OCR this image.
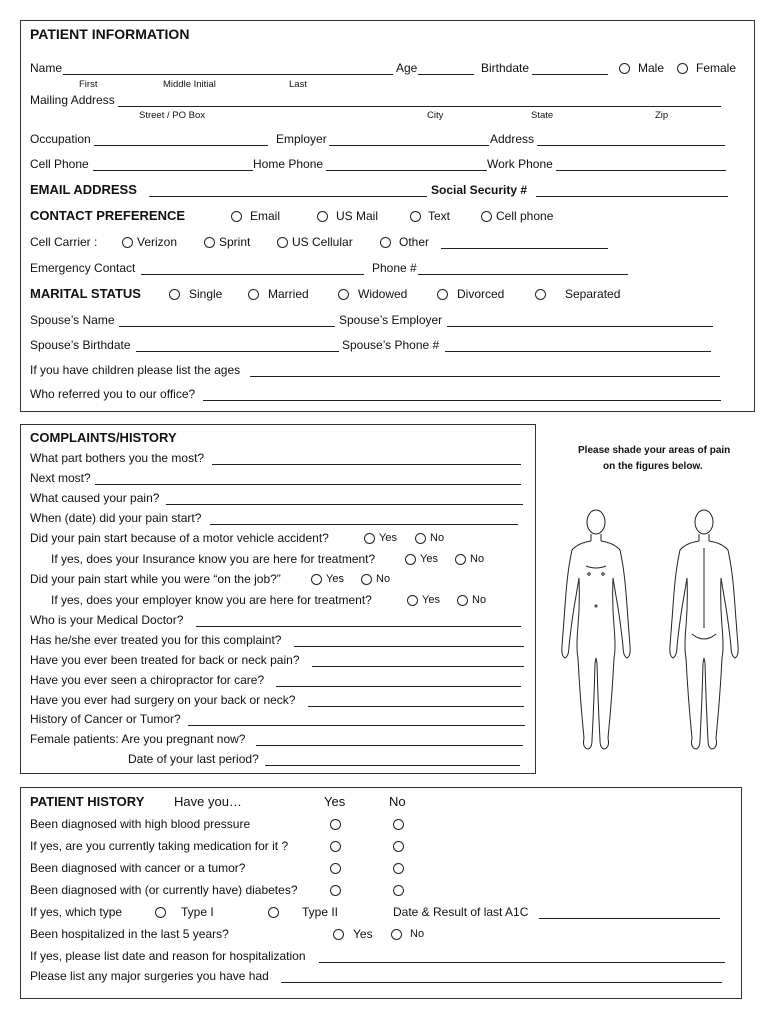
PATIENT INFORMATION
Name	Age	Birthdate	Male	Female
First	Middle Initial	Last
Mailing Address
Street / PO Box	City	State	Zip
Occupation	Employer	Address
Cell Phone	Home Phone	Work Phone
EMAIL ADDRESS	Social Security #
CONTACT PREFERENCE	Email	US Mail	Text	Cell phone
Cell Carrier :	Verizon	Sprint	US Cellular	Other
Emergency Contact	Phone #
MARITAL STATUS	Single	Married	Widowed	Divorced	Separated
Spouse’s Name	Spouse’s Employer
Spouse’s Birthdate	Spouse’s Phone #
If you have children please list the ages
Who referred you to our office?
COMPLAINTS/HISTORY
What part bothers you the most?
Next most?
What caused your pain?
When (date) did your pain start?
Did your pain start because of a motor vehicle accident?	Yes	No
If yes, does your Insurance know you are here for treatment?	Yes	No
Did your pain start while you were “on the job?”	Yes	No
If yes, does your employer know you are here for treatment?	Yes	No
Who is your Medical Doctor?
Has he/she ever treated you for this complaint?
Have you ever been treated for back or neck pain?
Have you ever seen a chiropractor for care?
Have you ever had surgery on your back or neck?
History of Cancer or Tumor?
Female patients: Are you pregnant now?
Date of your last period?
Please shade your areas of pain
on the figures below.
PATIENT HISTORY Have you…	Yes	No
Been diagnosed with high blood pressure
If yes, are you currently taking medication for it ?
Been diagnosed with cancer or a tumor?
Been diagnosed with (or currently have) diabetes?
If yes, which type	Type I	Type II	Date & Result of last A1C
Been hospitalized in the last 5 years?	Yes	No
If yes, please list date and reason for hospitalization
Please list any major surgeries you have had
